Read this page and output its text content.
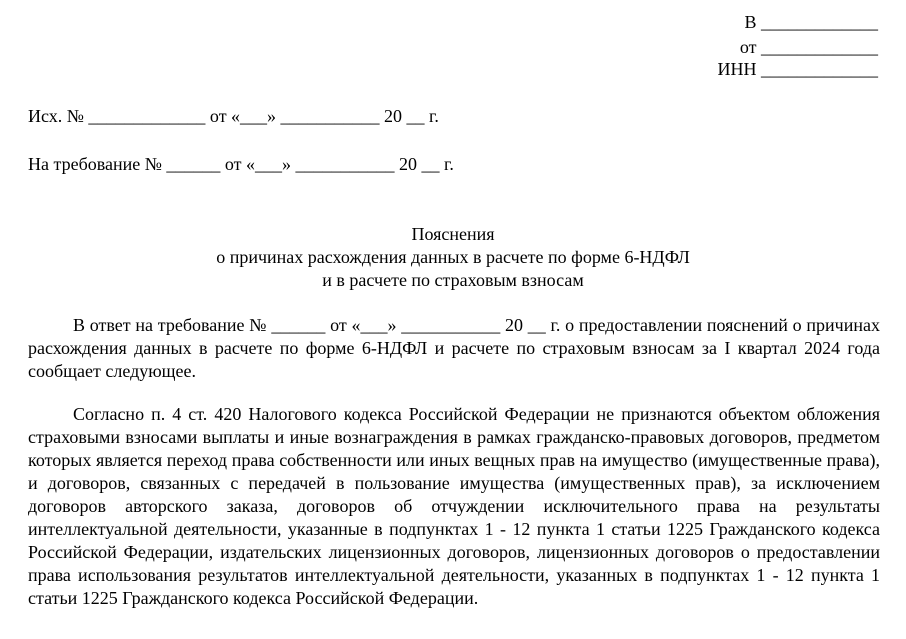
В _____________
от _____________
ИНН _____________
Исх. № _____________ от «___» ___________ 20 __ г.
На требование № ______ от «___» ___________ 20 __ г.
Пояснения
о причинах расхождения данных в расчете по форме 6-НДФЛ
и в расчете по страховым взносам

В ответ на требование № ______ от «___» ___________ 20 __ г. о предоставлении пояснений о причинах расхождения данных в расчете по форме 6-НДФЛ и расчете по страховым взносам за I квартал 2024 года сообщает следующее.

Согласно п. 4 ст. 420 Налогового кодекса Российской Федерации не признаются объектом обложения страховыми взносами выплаты и иные вознаграждения в рамках гражданско-правовых договоров, предметом которых является переход права собственности или иных вещных прав на имущество (имущественные права), и договоров, связанных с передачей в пользование имущества (имущественных прав), за исключением договоров авторского заказа, договоров об отчуждении исключительного права на результаты интеллектуальной деятельности, указанные в подпунктах 1 - 12 пункта 1 статьи 1225 Гражданского кодекса Российской Федерации, издательских лицензионных договоров, лицензионных договоров о предоставлении права использования результатов интеллектуальной деятельности, указанных в подпунктах 1 - 12 пункта 1 статьи 1225 Гражданского кодекса Российской Федерации.
